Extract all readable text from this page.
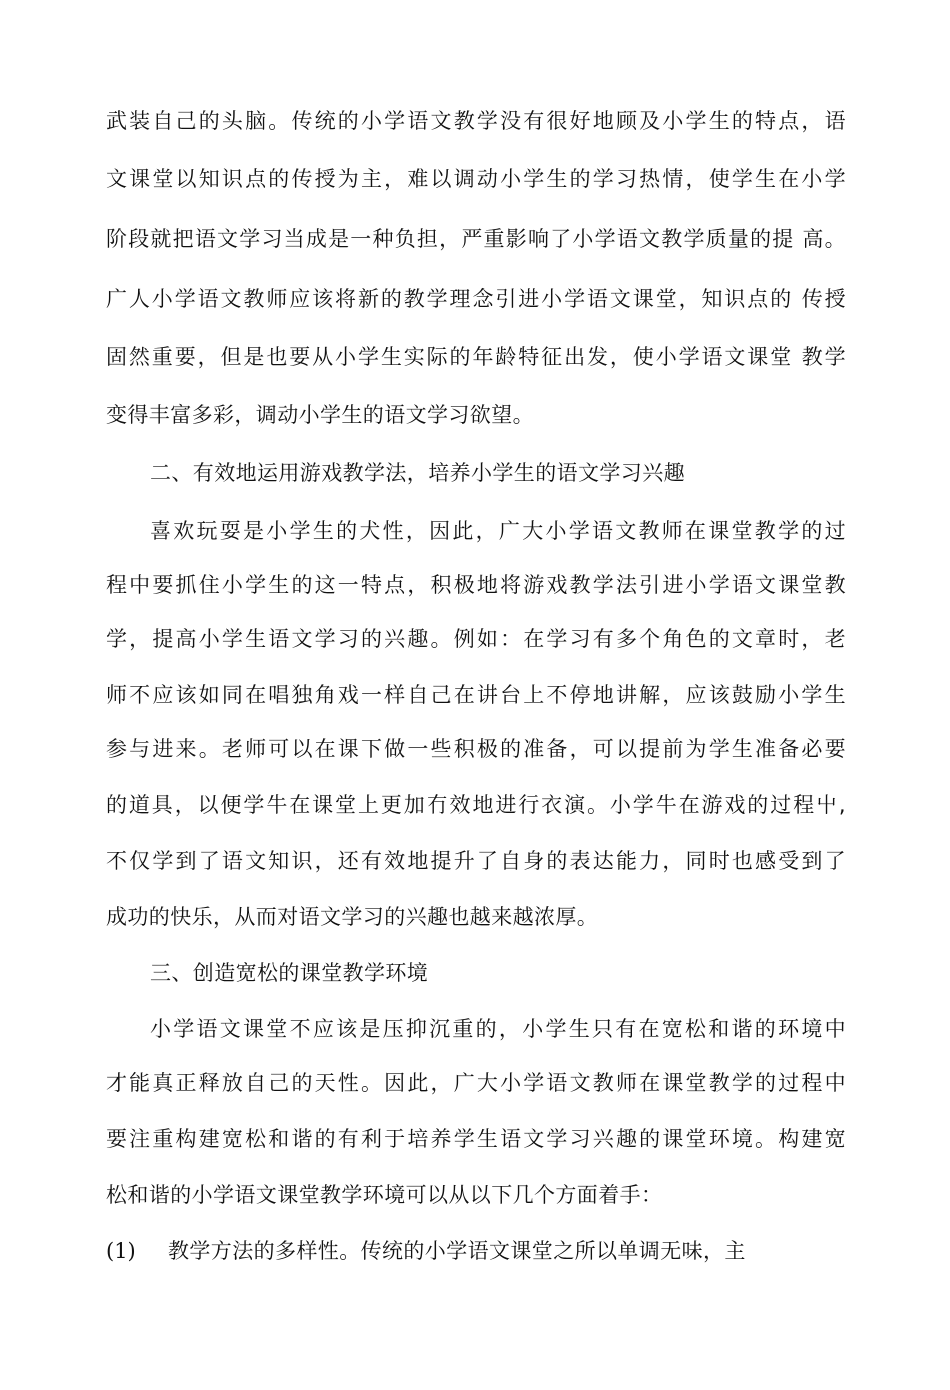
武装自己的头脑。传统的小学语文教学没有很好地顾及小学生的特点，语
文课堂以知识点的传授为主，难以调动小学生的学习热情，使学生在小学
阶段就把语文学习当成是一种负担，严重影响了小学语文教学质量的提 高。
广人小学语文教师应该将新的教学理念引进小学语文课堂，知识点的 传授
固然重要，但是也要从小学生实际的年龄特征出发，使小学语文课堂 教学
变得丰富多彩，调动小学生的语文学习欲望。
二、有效地运用游戏教学法，培养小学生的语文学习兴趣
喜欢玩耍是小学生的犬性，因此，广大小学语文教师在课堂教学的过
程中要抓住小学生的这一特点，积极地将游戏教学法引进小学语文课堂教
学，提高小学生语文学习的兴趣。例如：在学习有多个角色的文章时，老
师不应该如同在唱独角戏一样自己在讲台上不停地讲解，应该鼓励小学生
参与进来。老师可以在课下做一些积极的准备，可以提前为学生准备必要
的道具，以便学牛在课堂上更加冇效地进行衣演。小学牛在游戏的过程屮,
不仅学到了语文知识，还有效地提升了自身的表达能力，同时也感受到了
成功的快乐，从而对语文学习的兴趣也越来越浓厚。
三、创造宽松的课堂教学环境
小学语文课堂不应该是压抑沉重的，小学生只有在宽松和谐的环境中
才能真正释放自己的天性。因此，广大小学语文教师在课堂教学的过程中
要注重构建宽松和谐的有利于培养学生语文学习兴趣的课堂环境。构建宽
松和谐的小学语文课堂教学环境可以从以下几个方面着手：
(1) 教学方法的多样性。传统的小学语文课堂之所以单调无味，主
